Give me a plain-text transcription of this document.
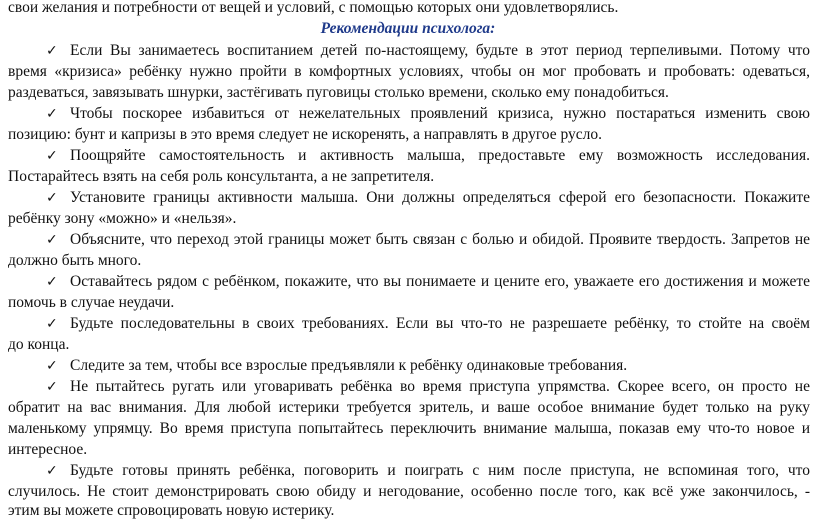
свои желания и потребности от вещей и условий, с помощью которых они удовлетворялись.
Рекомендации психолога:
✓ Если Вы занимаетесь воспитанием детей по-настоящему, будьте в этот период терпеливыми. Потому что
время «кризиса» ребёнку нужно пройти в комфортных условиях, чтобы он мог пробовать и пробовать: одеваться,
раздеваться, завязывать шнурки, застёгивать пуговицы столько времени, сколько ему понадобиться.
✓ Чтобы поскорее избавиться от нежелательных проявлений кризиса, нужно постараться изменить свою
позицию: бунт и капризы в это время следует не искоренять, а направлять в другое русло.
✓ Поощряйте самостоятельность и активность малыша, предоставьте ему возможность исследования.
Постарайтесь взять на себя роль консультанта, а не запретителя.
✓ Установите границы активности малыша. Они должны определяться сферой его безопасности. Покажите
ребёнку зону «можно» и «нельзя».
✓ Объясните, что переход этой границы может быть связан с болью и обидой. Проявите твердость. Запретов не
должно быть много.
✓ Оставайтесь рядом с ребёнком, покажите, что вы понимаете и цените его, уважаете его достижения и можете
помочь в случае неудачи.
✓ Будьте последовательны в своих требованиях. Если вы что-то не разрешаете ребёнку, то стойте на своём
до конца.
✓ Следите за тем, чтобы все взрослые предъявляли к ребёнку одинаковые требования.
✓ Не пытайтесь ругать или уговаривать ребёнка во время приступа упрямства. Скорее всего, он просто не
обратит на вас внимания. Для любой истерики требуется зритель, и ваше особое внимание будет только на руку
маленькому упрямцу. Во время приступа попытайтесь переключить внимание малыша, показав ему что-то новое и
интересное.
✓ Будьте готовы принять ребёнка, поговорить и поиграть с ним после приступа, не вспоминая того, что
случилось. Не стоит демонстрировать свою обиду и негодование, особенно после того, как всё уже закончилось, -
этим вы можете спровоцировать новую истерику.
